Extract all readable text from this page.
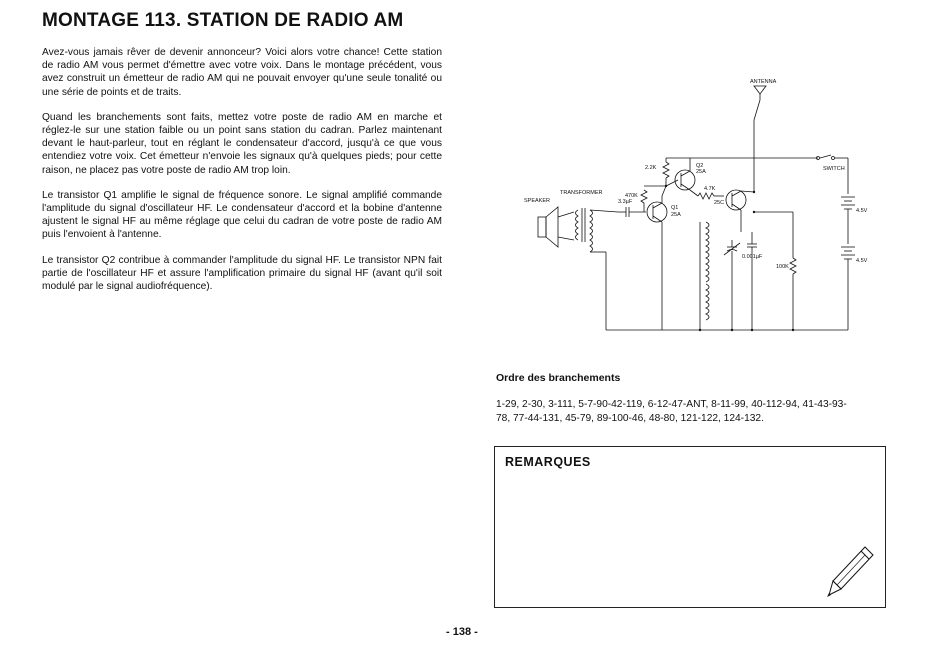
MONTAGE 113. STATION DE RADIO AM

Avez-vous jamais rêver de devenir annonceur? Voici alors votre chance! Cette station de radio AM vous permet d'émettre avec votre voix. Dans le montage précédent, vous avez construit un émetteur de radio AM qui ne pouvait envoyer qu'une seule tonalité ou une série de points et de traits.

Quand les branchements sont faits, mettez votre poste de radio AM en marche et réglez-le sur une station faible ou un point sans station du cadran. Parlez maintenant devant le haut-parleur, tout en réglant le condensateur d'accord, jusqu'à ce que vous entendiez votre voix. Cet émetteur n'envoie les signaux qu'à quelques pieds; pour cette raison, ne placez pas votre poste de radio AM trop loin.

Le transistor Q1 amplifie le signal de fréquence sonore. Le signal amplifié commande l'amplitude du signal d'oscillateur HF. Le condensateur d'accord et la bobine d'antenne ajustent le signal HF au même réglage que celui du cadran de votre poste de radio AM puis l'envoient à l'antenne.

Le transistor Q2 contribue à commander l'amplitude du signal HF. Le transistor NPN fait partie de l'oscillateur HF et assure l'amplification primaire du signal HF (avant qu'il soit modulé par le signal audiofréquence).

ANTENNA
SWITCH
TRANSFORMER
SPEAKER
2.2K
470K
4.7K
100K
3.3µF
0.001µF
Q1
25A
Q2
25A
25C
4.5V
4.5V
Ordre des branchements
1-29, 2-30, 3-111, 5-7-90-42-119, 6-12-47-ANT, 8-11-99, 40-112-94, 41-43-93-78, 77-44-131, 45-79, 89-100-46, 48-80, 121-122, 124-132.
REMARQUES
- 138 -
